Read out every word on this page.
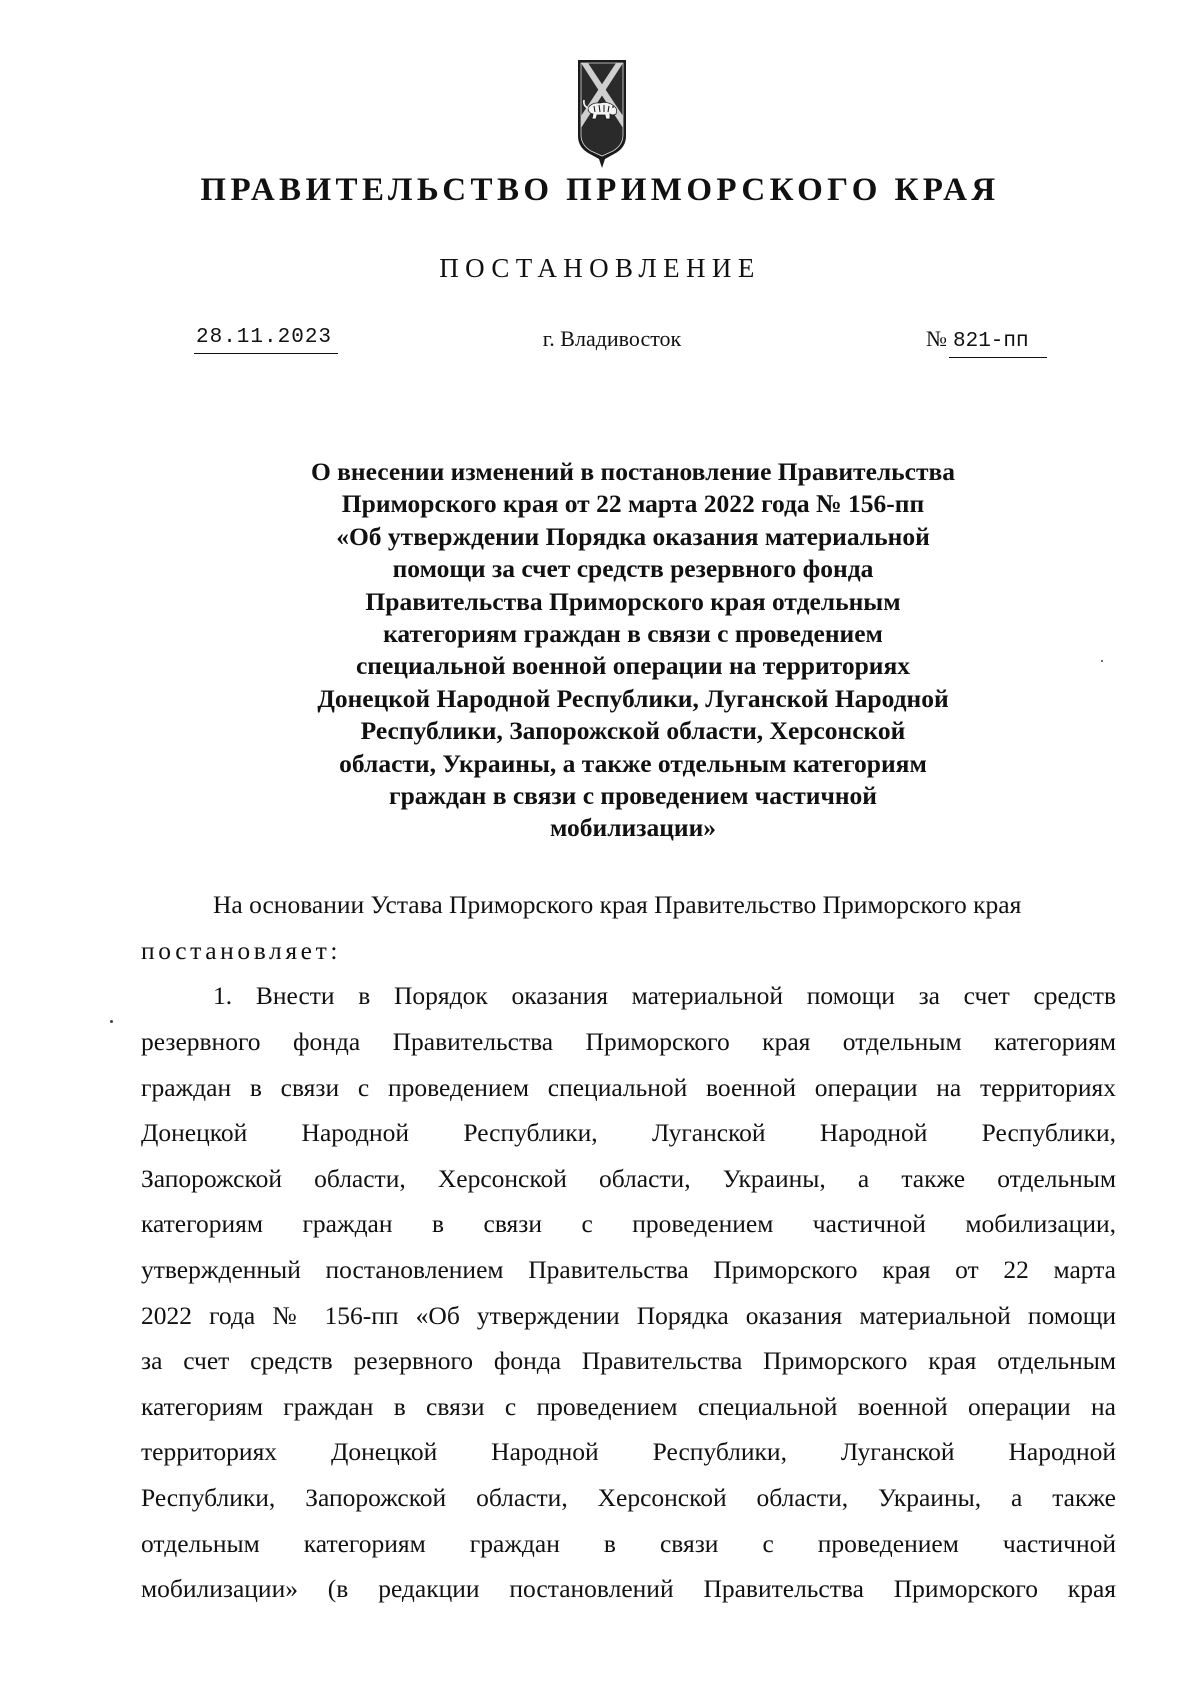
ПРАВИТЕЛЬСТВО ПРИМОРСКОГО КРАЯ
ПОСТАНОВЛЕНИЕ
28.11.2023	г. Владивосток	№ 821-пп
О внесении изменений в постановление Правительства
Приморского края от 22 марта 2022 года № 156-пп
«Об утверждении Порядка оказания материальной
помощи за счет средств резервного фонда
Правительства Приморского края отдельным
категориям граждан в связи с проведением
специальной военной операции на территориях
Донецкой Народной Республики, Луганской Народной
Республики, Запорожской области, Херсонской
области, Украины, а также отдельным категориям
граждан в связи с проведением частичной
мобилизации»
На основании Устава Приморского края Правительство Приморского края
постановляет:
1. Внести в Порядок оказания материальной помощи за счет средств
резервного фонда Правительства Приморского края отдельным категориям
граждан в связи с проведением специальной военной операции на территориях
Донецкой Народной Республики, Луганской Народной Республики,
Запорожской области, Херсонской области, Украины, а также отдельным
категориям граждан в связи с проведением частичной мобилизации,
утвержденный постановлением Правительства Приморского края от 22 марта
2022 года № 156-пп «Об утверждении Порядка оказания материальной помощи
за счет средств резервного фонда Правительства Приморского края отдельным
категориям граждан в связи с проведением специальной военной операции на
территориях Донецкой Народной Республики, Луганской Народной
Республики, Запорожской области, Херсонской области, Украины, а также
отдельным категориям граждан в связи с проведением частичной
мобилизации» (в редакции постановлений Правительства Приморского края
